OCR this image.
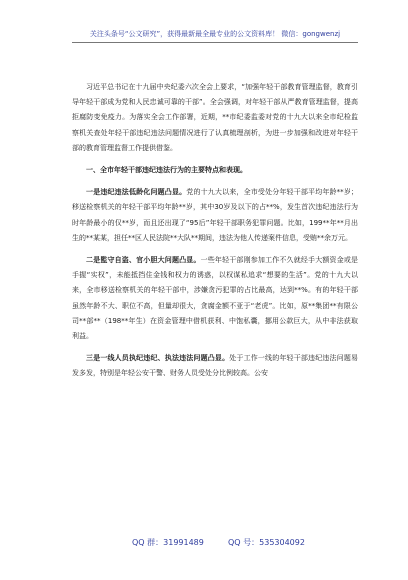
关注头条号“公文研究”，获得最新最全最专业的公文资料库！ 微信：gongwenzj

习近平总书记在十九届中央纪委六次全会上要求，“加强年轻干部教育管理监督，教育引导年轻干部成为党和人民忠诚可靠的干部”。全会强调，对年轻干部从严教育管理监督，提高拒腐防变免疫力。为落实全会工作部署，近期，**市纪委监委对党的十九大以来全市纪检监察机关查处年轻干部违纪违法问题情况进行了认真梳理剖析，为进一步加强和改进对年轻干部的教育管理监督工作提供借鉴。

一、全市年轻干部违纪违法行为的主要特点和表现。

一是违纪违法低龄化问题凸显。党的十九大以来，全市受处分年轻干部平均年龄**岁；移送检察机关的年轻干部平均年龄**岁，其中30岁及以下的占**%，发生首次违纪违法行为时年龄最小的仅**岁，而且还出现了“95后”年轻干部职务犯罪问题。比如，199**年**月出生的**某某，担任**区人民法院**大队**期间，违法为他人传递案件信息，受贿**余万元。

二是監守自盗、官小胆大问题凸显。一些年轻干部刚参加工作不久就经手大额资金或是手握“实权”，未能抵挡住金钱和权力的诱惑，以权谋私追求“想要的生活”。党的十九大以来，全市移送检察机关的年轻干部中，涉嫌贪污犯罪的占比最高，达到**%。有的年轻干部虽然年龄不大、职位不高，但量却很大，贪腐金额不亚于“老虎”。比如，原**集团**有限公司**部**（198**年生）在资金管理中借机获利、中饱私囊，挪用公款巨大，从中非法获取利益。

三是一线人员执纪违纪、执法违法问题凸显。处于工作一线的年轻干部违纪违法问题易发多发，特别是年轻公安干警、财务人员受处分比例较高。公安

QQ 群：31991489	QQ 号：535304092
